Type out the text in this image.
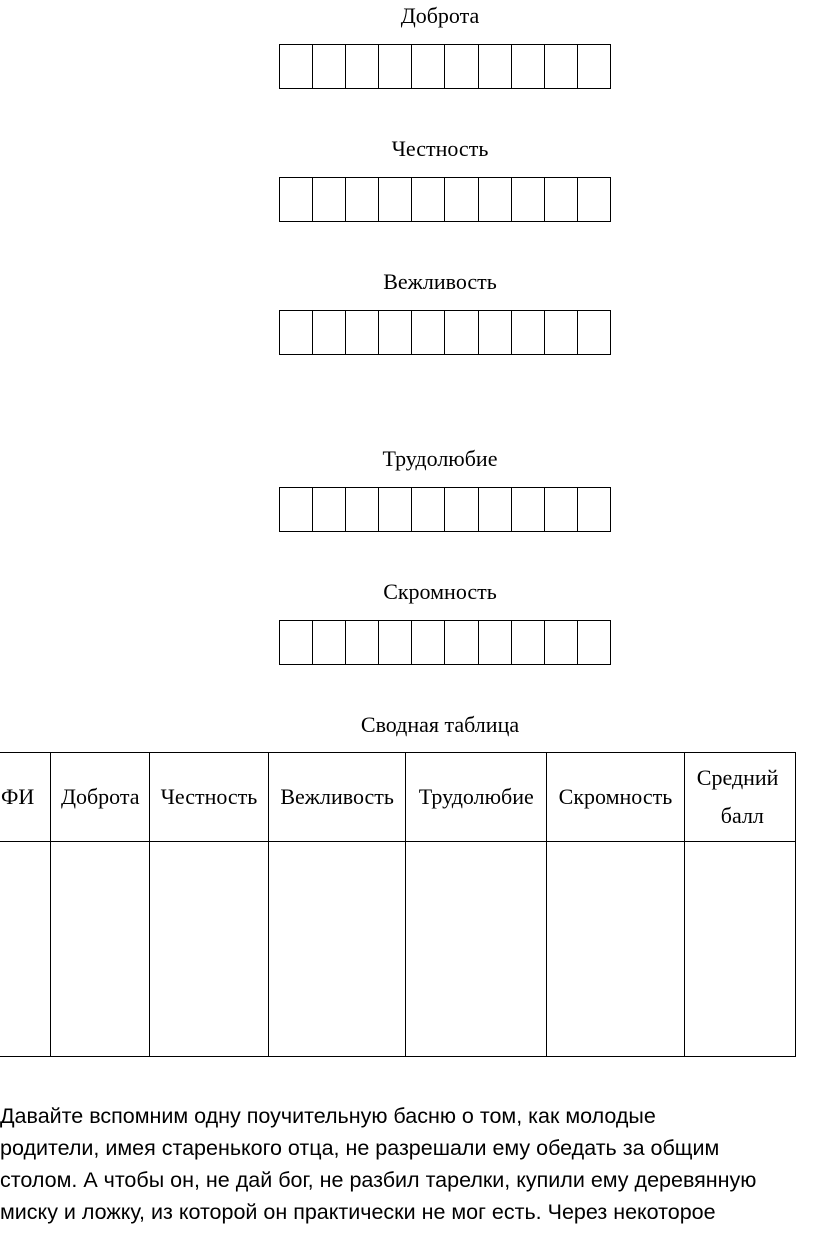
Доброта
Честность
Вежливость
Трудолюбие
Скромность
Сводная таблица
ФИ	Доброта	Честность	Вежливость	Трудолюбие	Скромность	Средний
балл

Давайте вспомним одну поучительную басню о том, как молодые
родители, имея старенького отца, не разрешали ему обедать за общим
столом. А чтобы он, не дай бог, не разбил тарелки, купили ему деревянную
миску и ложку, из которой он практически не мог есть. Через некоторое
